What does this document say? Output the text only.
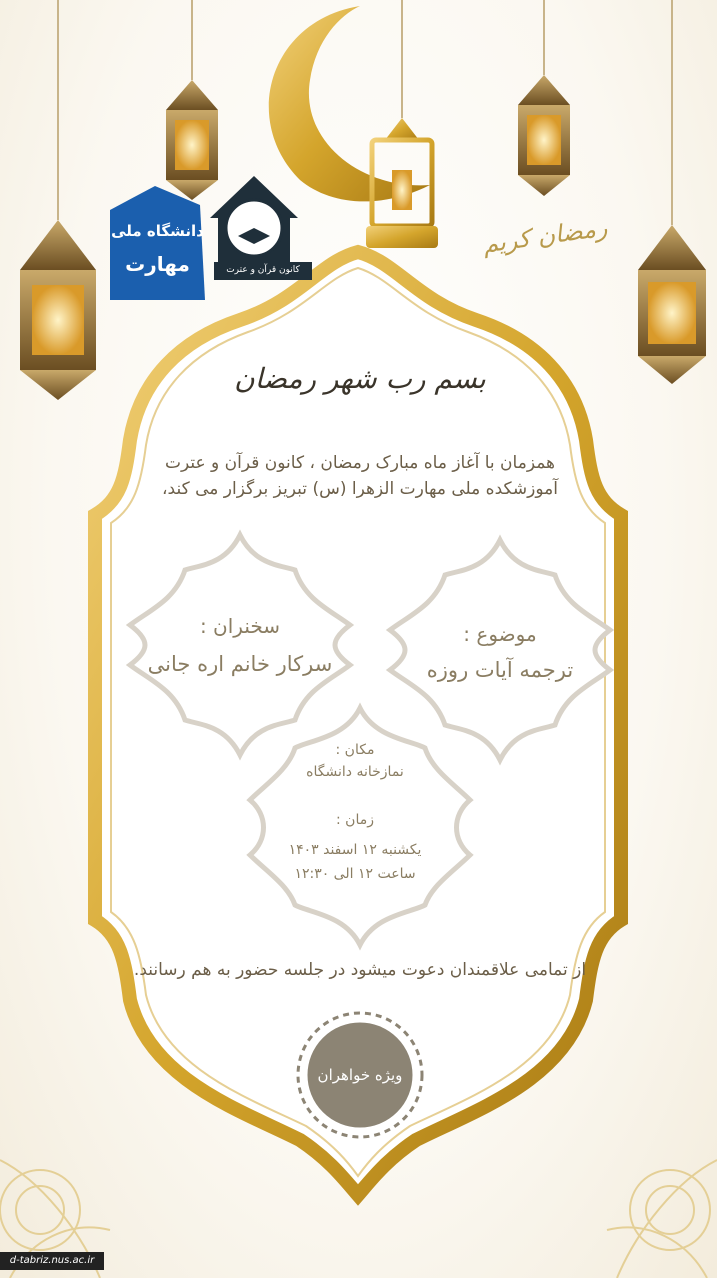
دانشگاه ملی
مهارت	کانون قرآن و عترت
رمضان کریم
بسم رب شهر رمضان
همزمان با آغاز ماه مبارک رمضان ، کانون قرآن و عترت
آموزشکده ملی مهارت الزهرا (س) تبریز برگزار می کند،
سخنران :
سرکار خانم اره جانی
موضوع :
ترجمه آیات روزه
مکان :
نمازخانه دانشگاه
زمان :
یکشنبه ۱۲ اسفند ۱۴۰۳
ساعت ۱۲ الی ۱۲:۳۰
از تمامی علاقمندان دعوت میشود در جلسه حضور به هم رسانند.
ویژه خواهران
d-tabriz.nus.ac.ir
